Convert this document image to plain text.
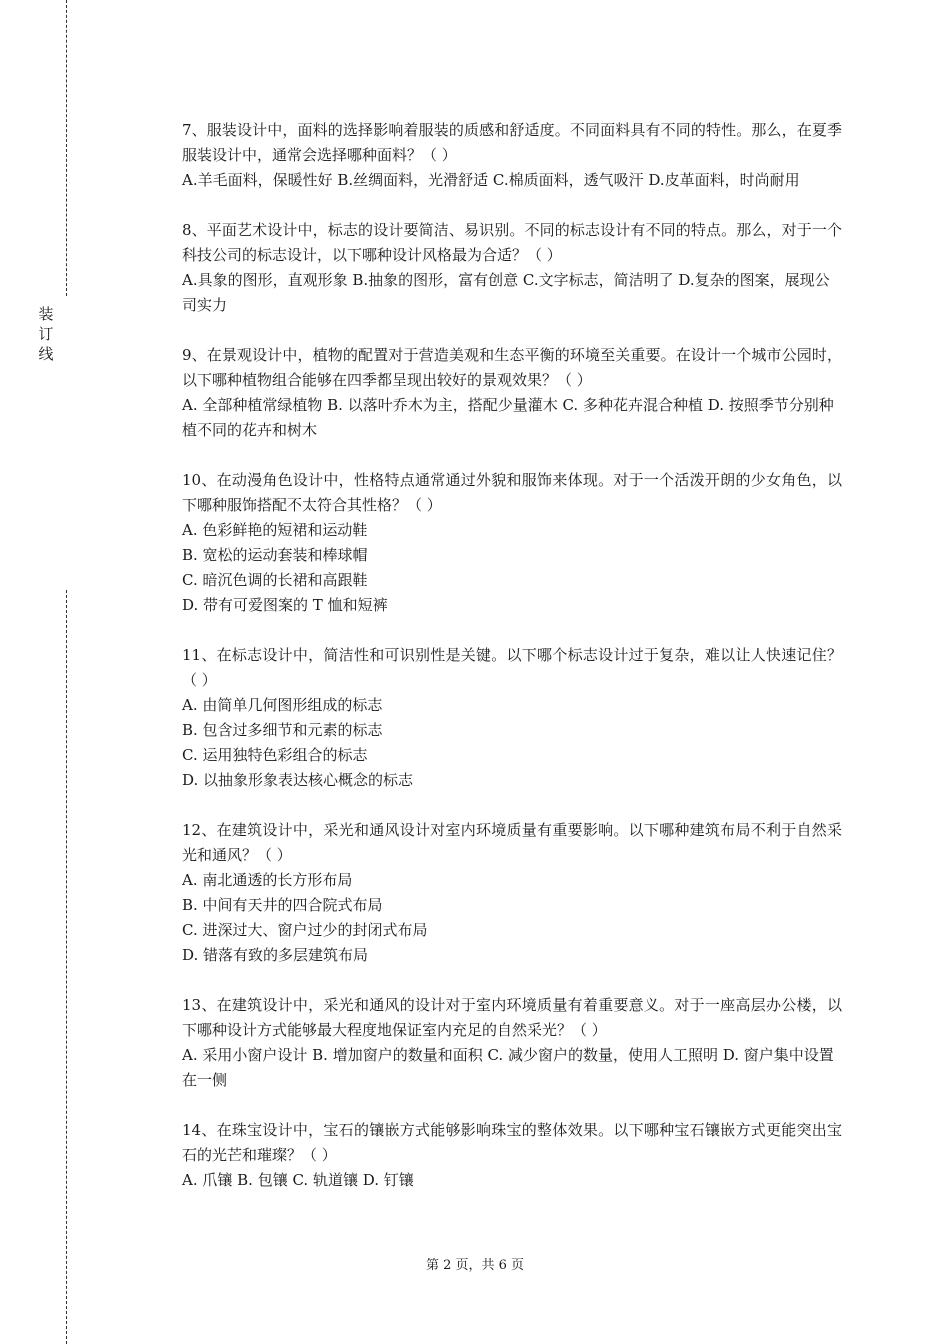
装
订
线

7、服装设计中，面料的选择影响着服装的质感和舒适度。不同面料具有不同的特性。那么，在夏季服装设计中，通常会选择哪种面料？（ ）

A.羊毛面料，保暖性好 B.丝绸面料，光滑舒适 C.棉质面料，透气吸汗 D.皮革面料，时尚耐用

8、平面艺术设计中，标志的设计要简洁、易识别。不同的标志设计有不同的特点。那么，对于一个科技公司的标志设计，以下哪种设计风格最为合适？（ ）

A.具象的图形，直观形象 B.抽象的图形，富有创意 C.文字标志，简洁明了 D.复杂的图案，展现公司实力

9、在景观设计中，植物的配置对于营造美观和生态平衡的环境至关重要。在设计一个城市公园时，以下哪种植物组合能够在四季都呈现出较好的景观效果？（ ）

A. 全部种植常绿植物 B. 以落叶乔木为主，搭配少量灌木 C. 多种花卉混合种植 D. 按照季节分别种植不同的花卉和树木

10、在动漫角色设计中，性格特点通常通过外貌和服饰来体现。对于一个活泼开朗的少女角色，以下哪种服饰搭配不太符合其性格？（ ）

A. 色彩鲜艳的短裙和运动鞋

B. 宽松的运动套装和棒球帽

C. 暗沉色调的长裙和高跟鞋

D. 带有可爱图案的 T 恤和短裤

11、在标志设计中，简洁性和可识别性是关键。以下哪个标志设计过于复杂，难以让人快速记住？（ ）

A. 由简单几何图形组成的标志

B. 包含过多细节和元素的标志

C. 运用独特色彩组合的标志

D. 以抽象形象表达核心概念的标志

12、在建筑设计中，采光和通风设计对室内环境质量有重要影响。以下哪种建筑布局不利于自然采光和通风？（ ）

A. 南北通透的长方形布局

B. 中间有天井的四合院式布局

C. 进深过大、窗户过少的封闭式布局

D. 错落有致的多层建筑布局

13、在建筑设计中，采光和通风的设计对于室内环境质量有着重要意义。对于一座高层办公楼，以下哪种设计方式能够最大程度地保证室内充足的自然采光？（ ）

A. 采用小窗户设计 B. 增加窗户的数量和面积 C. 减少窗户的数量，使用人工照明 D. 窗户集中设置在一侧

14、在珠宝设计中，宝石的镶嵌方式能够影响珠宝的整体效果。以下哪种宝石镶嵌方式更能突出宝石的光芒和璀璨？（ ）

A. 爪镶 B. 包镶 C. 轨道镶 D. 钉镶

第 2 页，共 6 页
